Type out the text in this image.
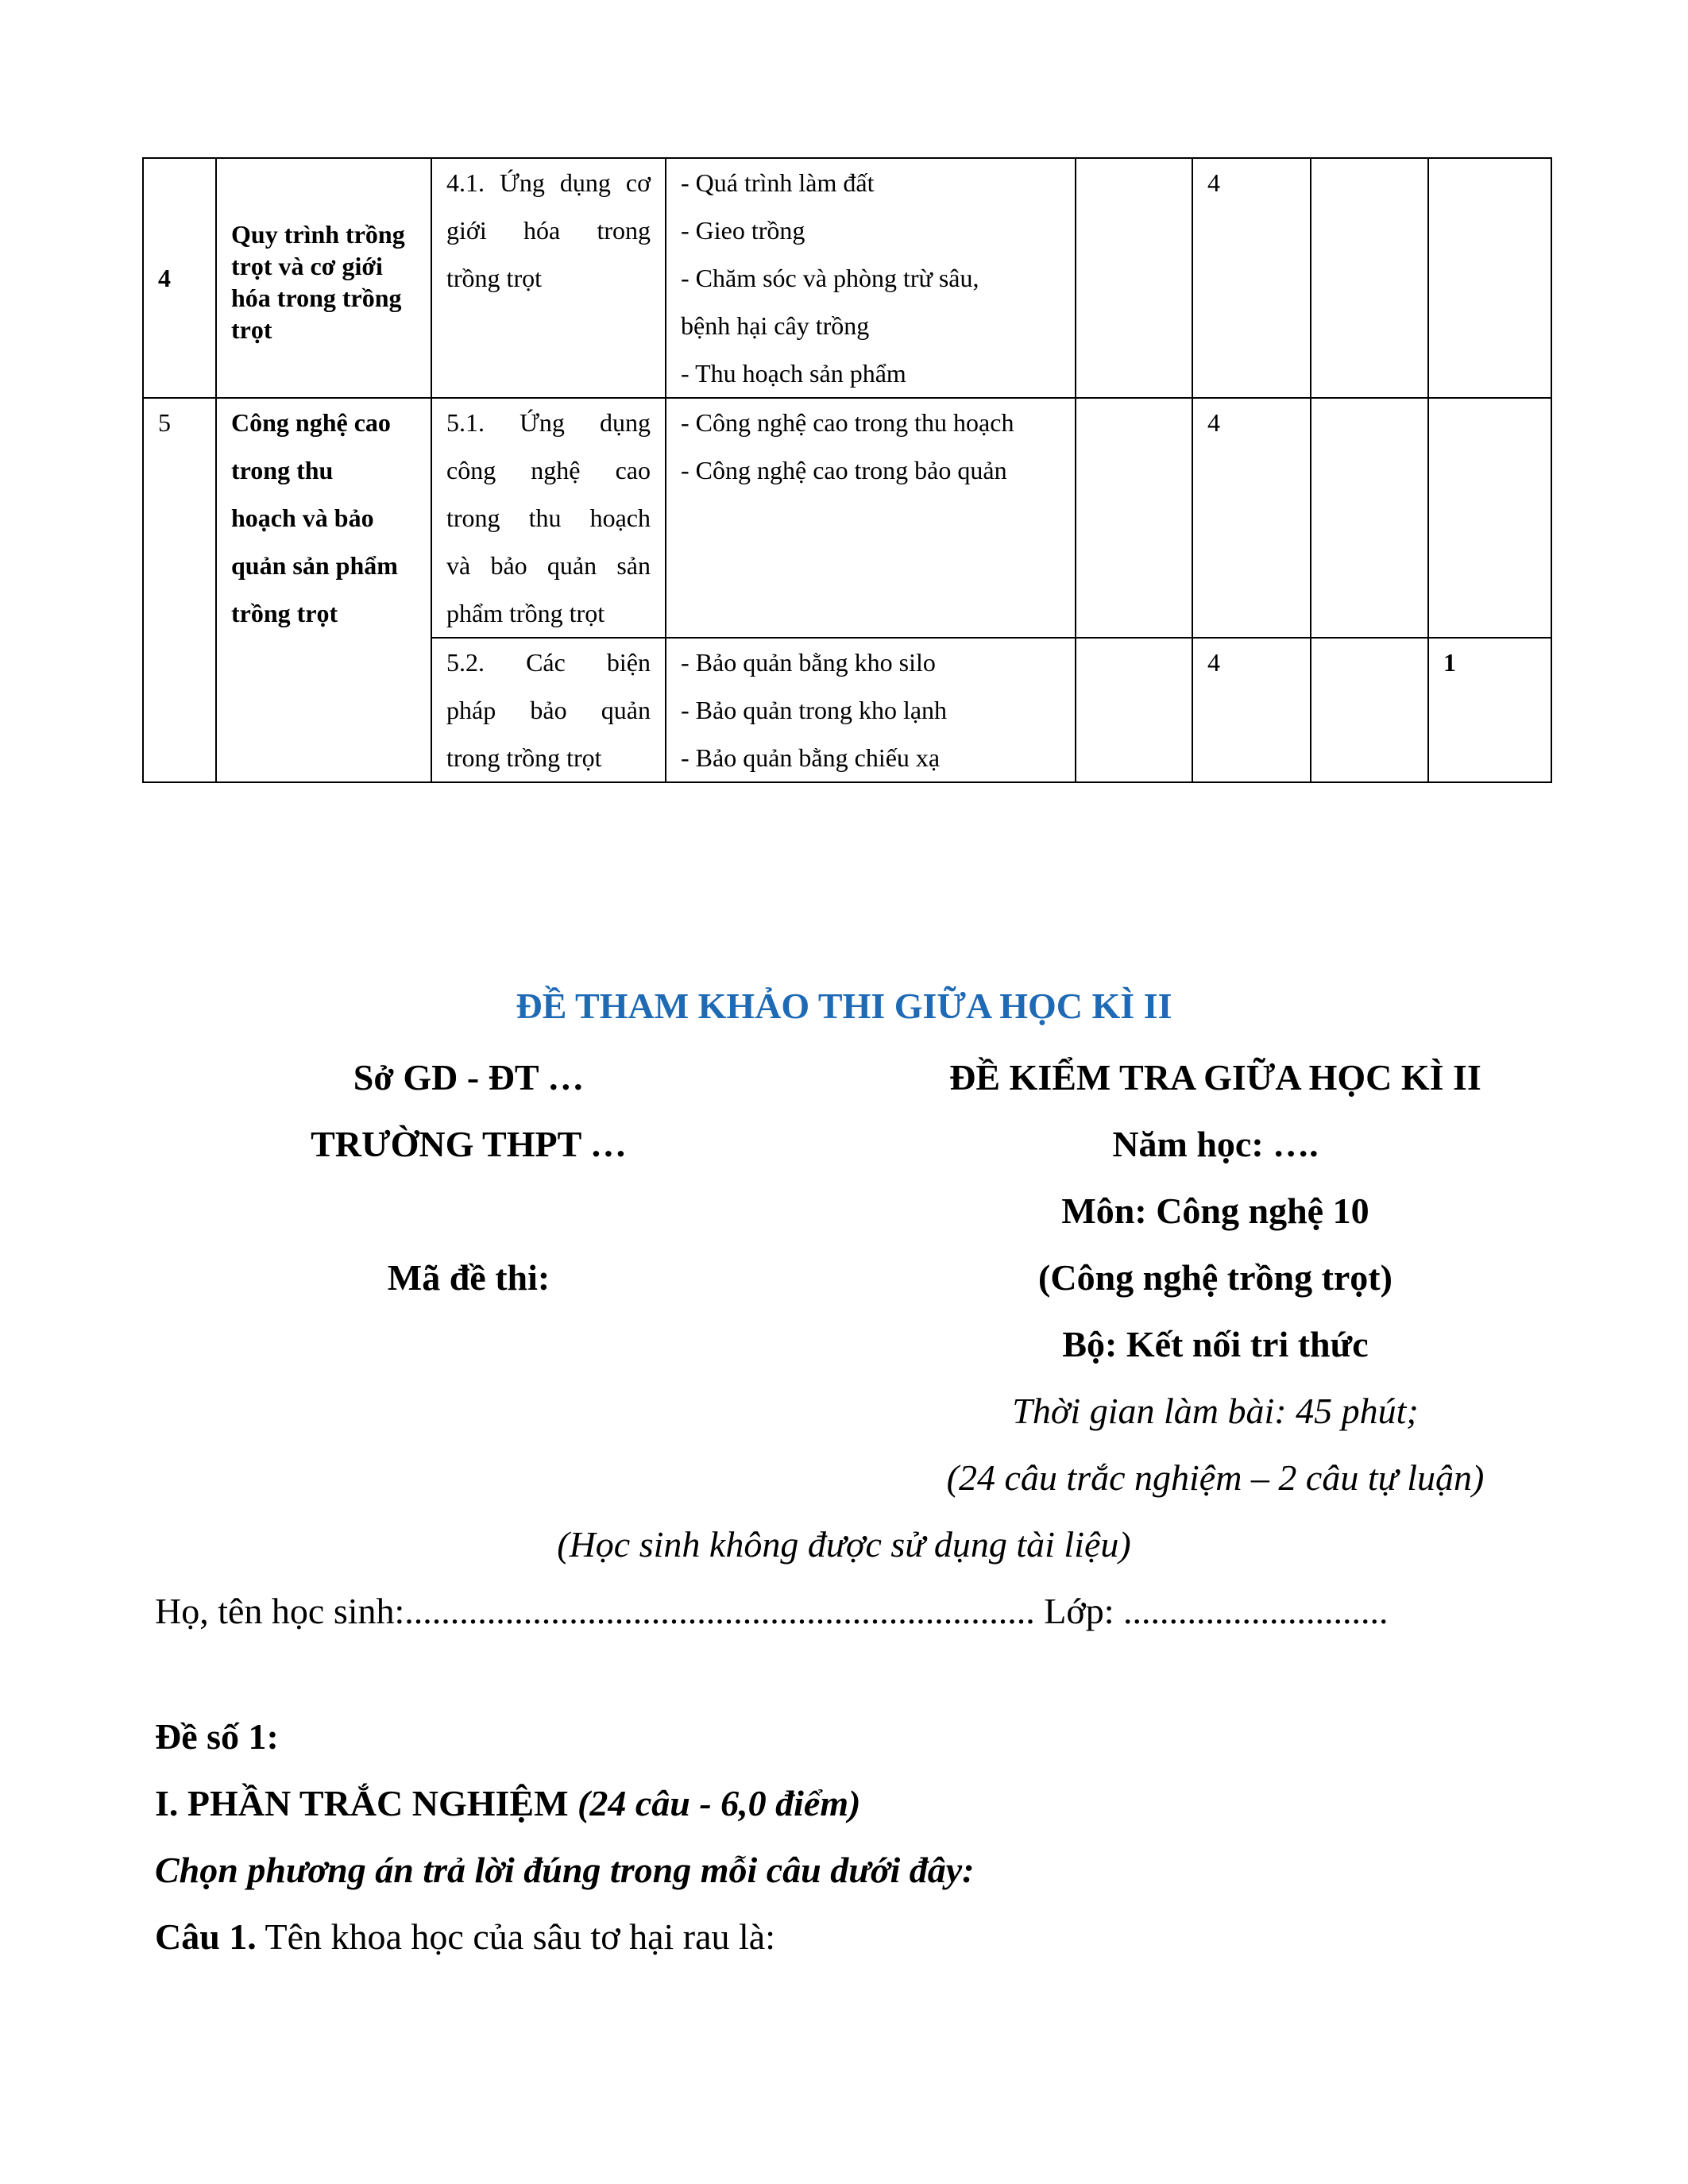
4	Quy trình trồng trọt và cơ giới hóa trong trồng trọt	4.1. Ứng dụng cơ
giới hóa trong
trồng trọt	- Quá trình làm đất
- Gieo trồng
- Chăm sóc và phòng trừ sâu,
bệnh hại cây trồng
- Thu hoạch sản phẩm		4		
5	Công nghệ cao
trong thu
hoạch và bảo
quản sản phẩm
trồng trọt	5.1. Ứng dụng
công nghệ cao
trong thu hoạch
và bảo quản sản
phẩm trồng trọt	- Công nghệ cao trong thu hoạch
- Công nghệ cao trong bảo quản		4		

		5.2. Các biện
pháp bảo quản
trong trồng trọt	- Bảo quản bằng kho silo
- Bảo quản trong kho lạnh
- Bảo quản bằng chiếu xạ		4		1
ĐỀ THAM KHẢO THI GIỮA HỌC KÌ II
Sở GD - ĐT …
TRƯỜNG THPT …
Mã đề thi:
ĐỀ KIỂM TRA GIỮA HỌC KÌ II
Năm học: ….
Môn: Công nghệ 10
(Công nghệ trồng trọt)
Bộ: Kết nối tri thức
Thời gian làm bài: 45 phút;
(24 câu trắc nghiệm – 2 câu tự luận)
(Học sinh không được sử dụng tài liệu)
Họ, tên học sinh:..................................................................... Lớp: .............................
Đề số 1:
I. PHẦN TRẮC NGHIỆM (24 câu - 6,0 điểm)
Chọn phương án trả lời đúng trong mỗi câu dưới đây:
Câu 1. Tên khoa học của sâu tơ hại rau là:
